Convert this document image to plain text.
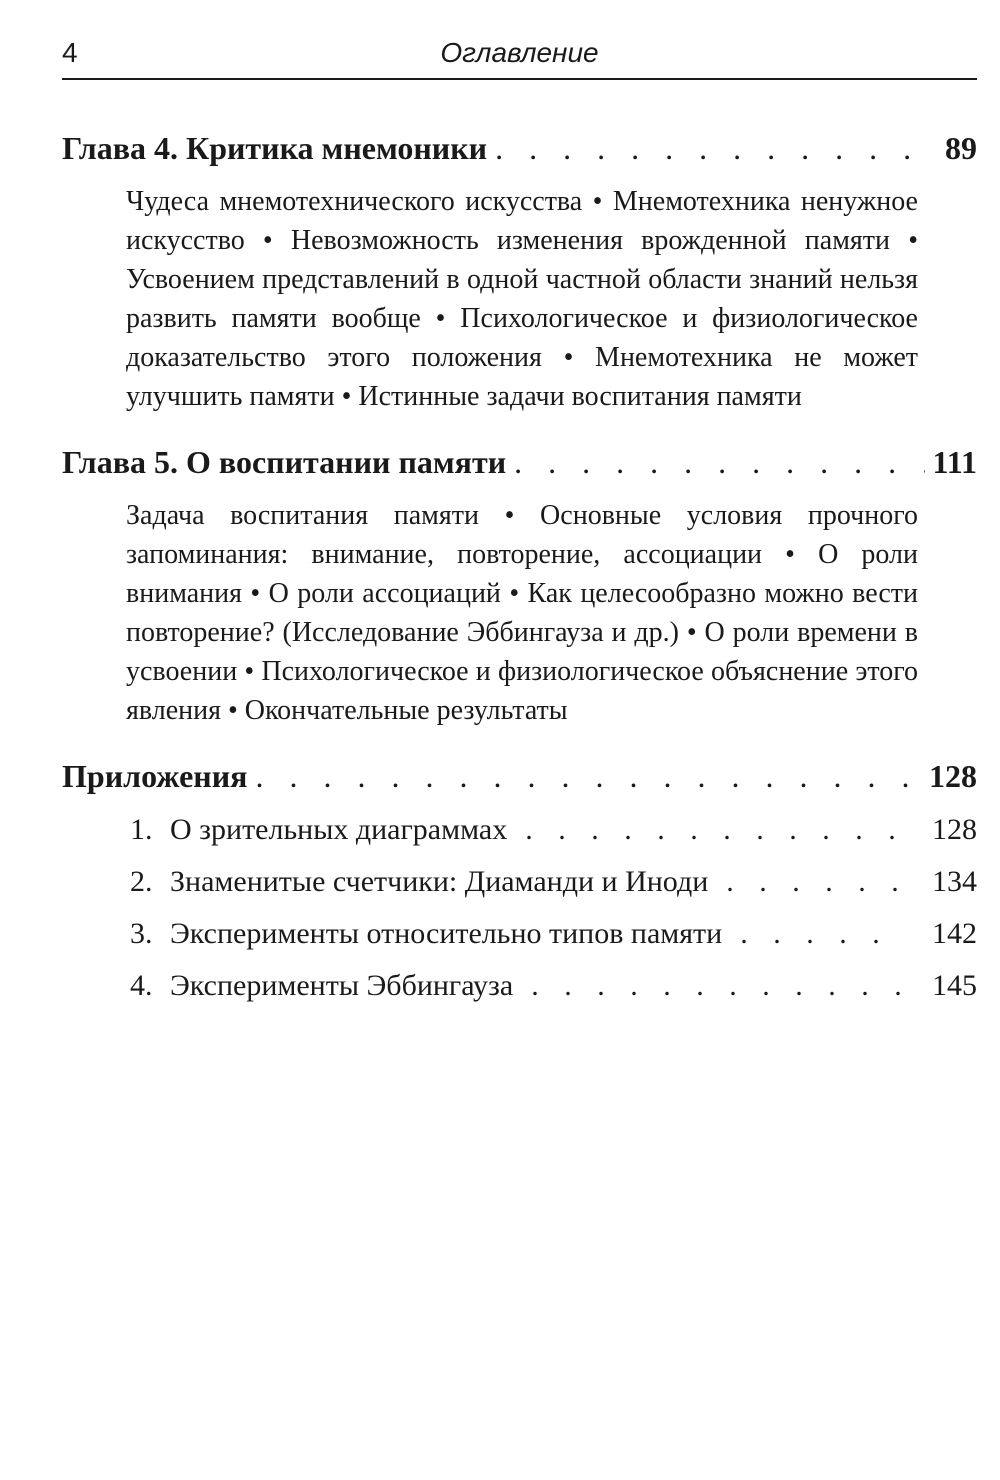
4	Оглавление
Глава 4. Критика мнемоники . . .	89

Чудеса мнемотехнического искусства • Мнемотехника ненужное искусство • Невозможность изменения врожденной памяти • Усвоением представлений в одной частной области знаний нельзя развить памяти вообще • Психологическое и физиологическое доказательство этого положения • Мнемотехника не может улучшить памяти • Истинные задачи воспитания памяти

Глава 5. О воспитании памяти . . .	111

Задача воспитания памяти • Основные условия прочного запоминания: внимание, повторение, ассоциации • О роли внимания • О роли ассоциаций • Как целесообразно можно вести повторение? (Исследование Эббингауза и др.) • О роли времени в усвоении • Психологическое и физиологическое объяснение этого явления • Окончательные результаты

Приложения . . .	128
1. О зрительных диаграммах . . .	128
2. Знаменитые счетчики: Диаманди и Иноди . . .	134
3. Эксперименты относительно типов памяти . . .	142
4. Эксперименты Эббингауза . . .	145
